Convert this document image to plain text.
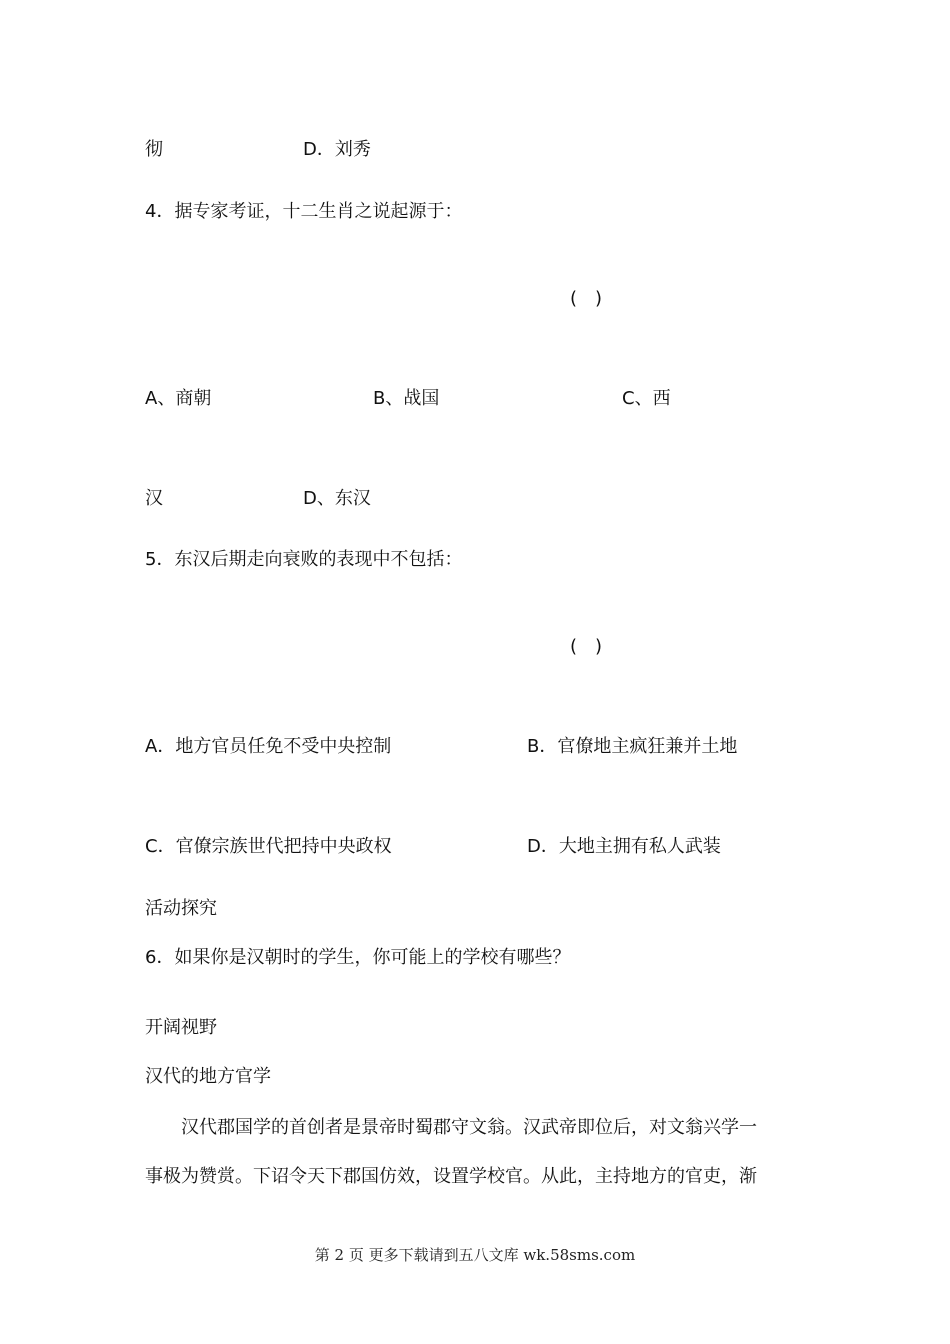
彻	D．刘秀
4．据专家考证，十二生肖之说起源于：
(　)
A、商朝	B、战国	C、西
汉	D、东汉
5．东汉后期走向衰败的表现中不包括：
(　)
A．地方官员任免不受中央控制	B．官僚地主疯狂兼并土地
C．官僚宗族世代把持中央政权	D．大地主拥有私人武装
活动探究
6．如果你是汉朝时的学生，你可能上的学校有哪些？
开阔视野
汉代的地方官学
汉代郡国学的首创者是景帝时蜀郡守文翁。汉武帝即位后，对文翁兴学一
事极为赞赏。下诏令天下郡国仿效，设置学校官。从此，主持地方的官吏，渐
第 2 页 更多下载请到五八文库 wk.58sms.com
